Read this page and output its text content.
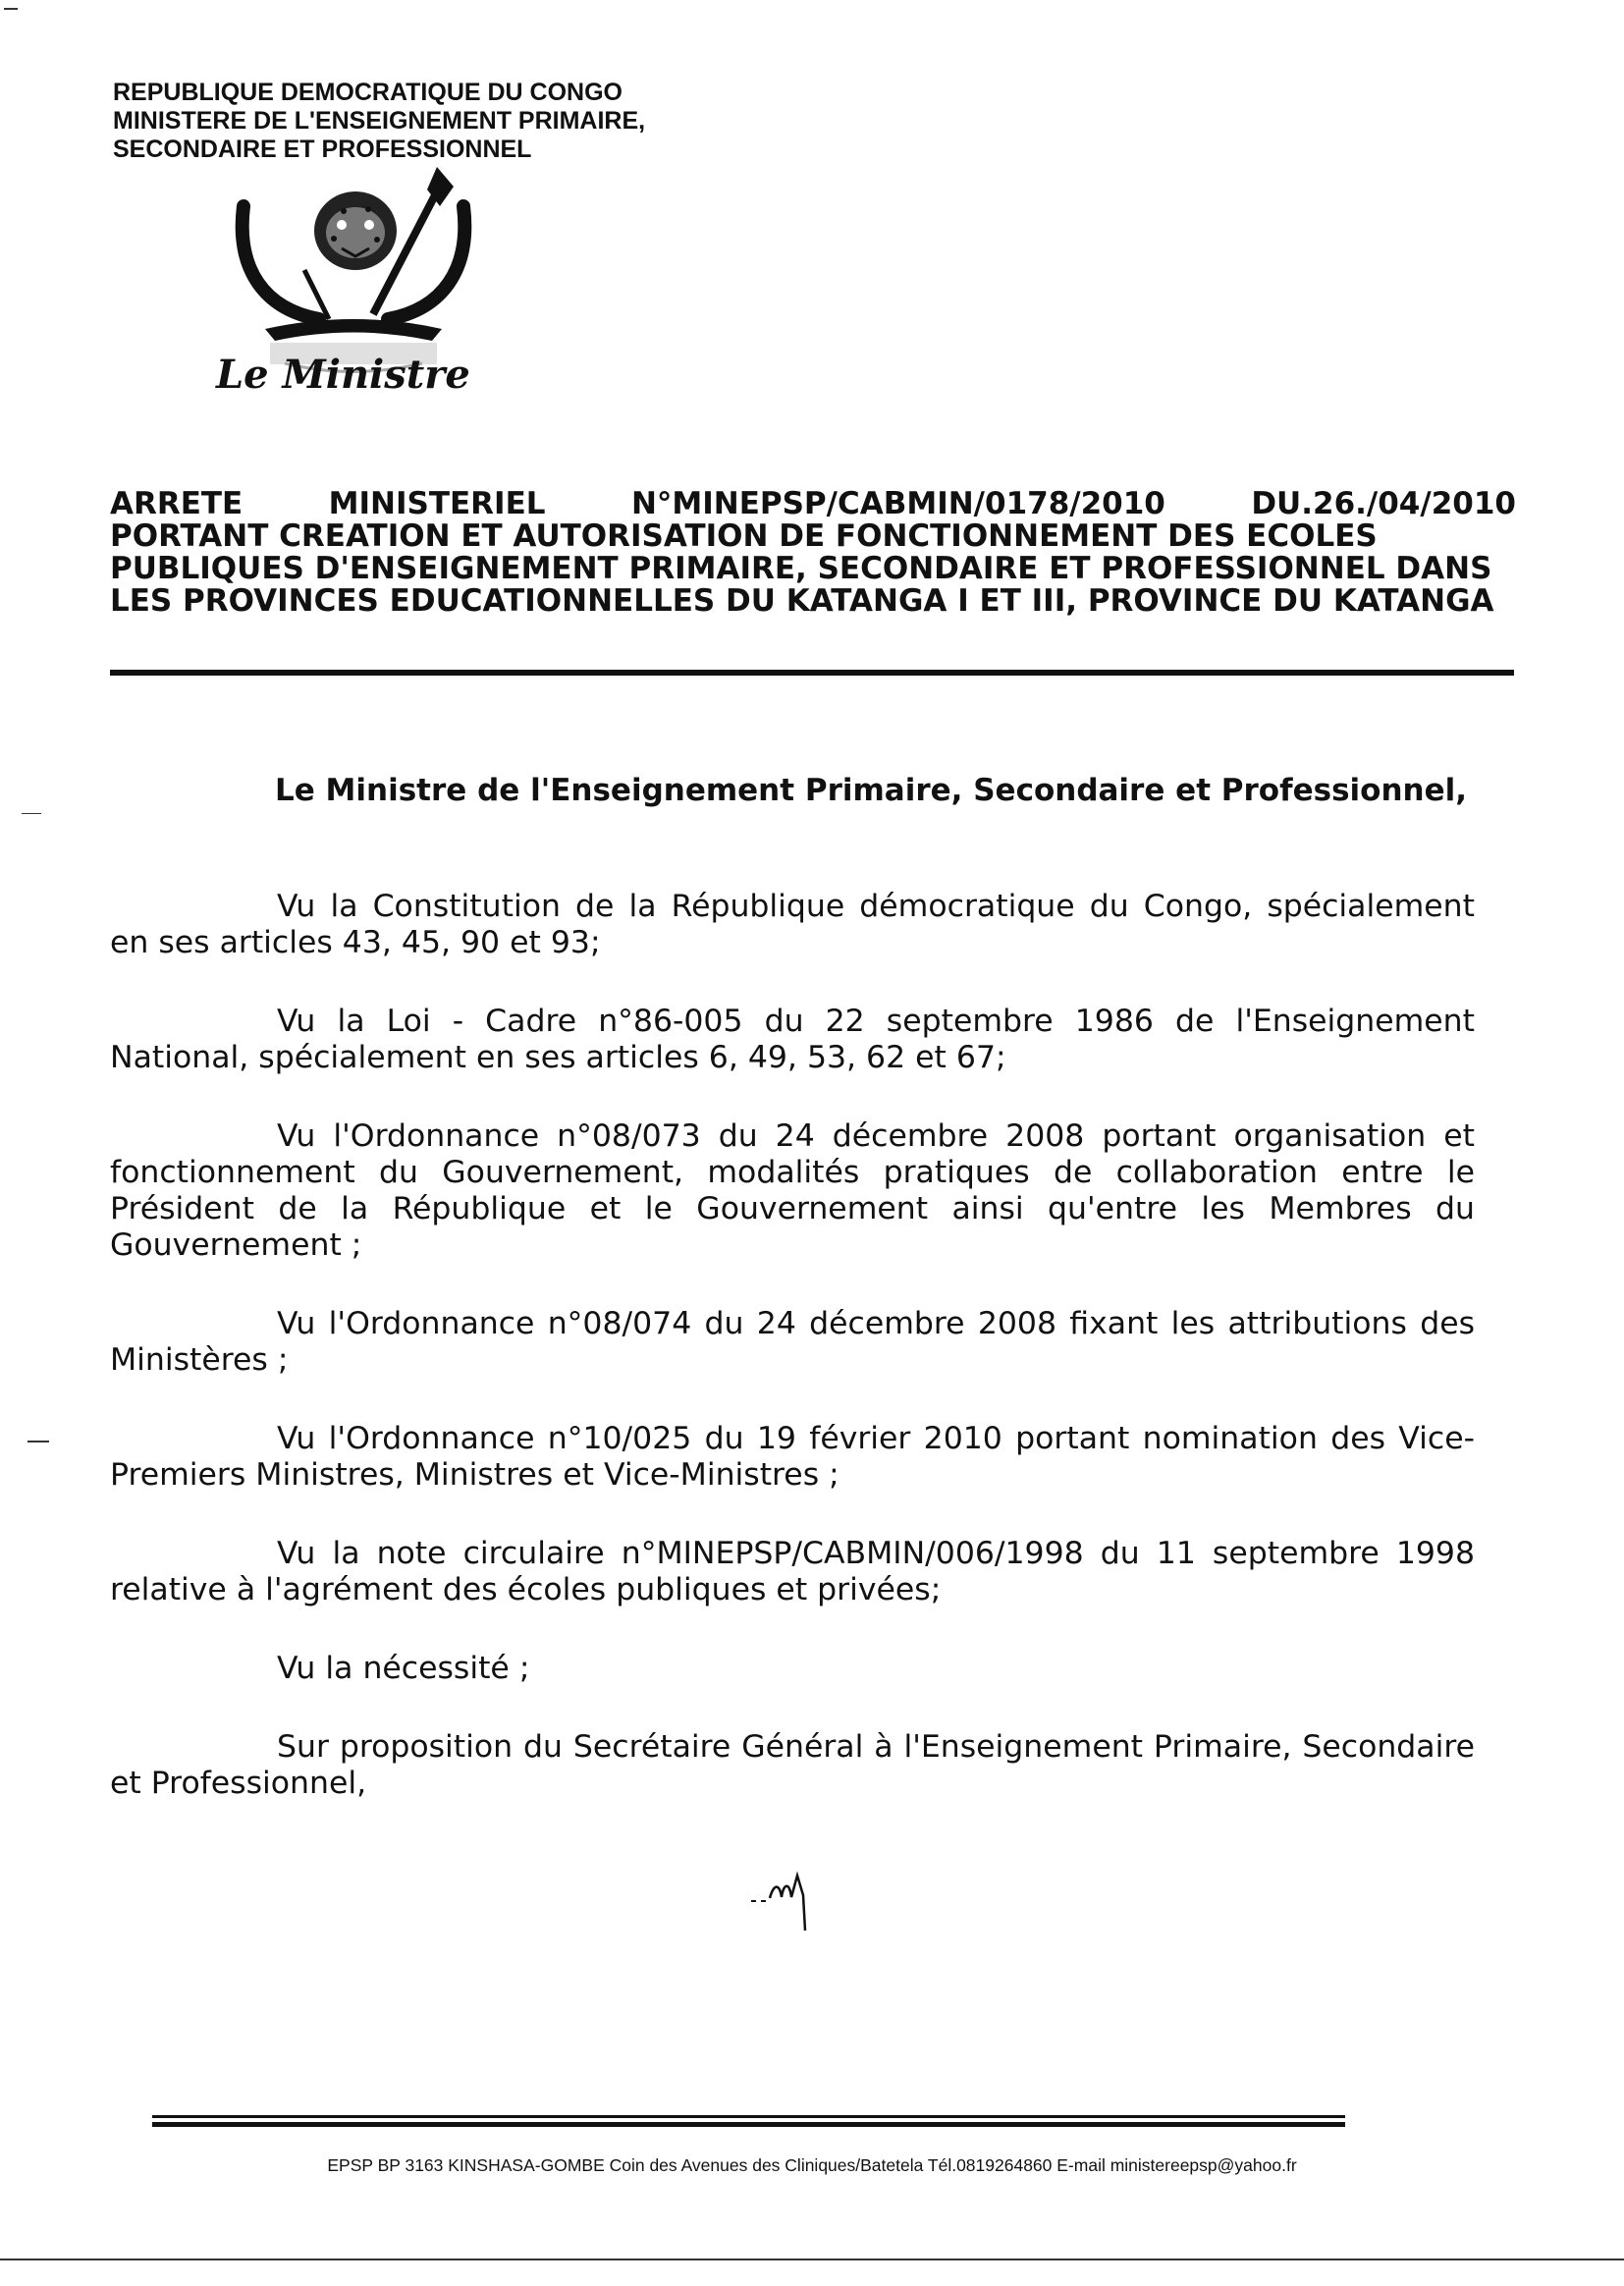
REPUBLIQUE DEMOCRATIQUE DU CONGO
MINISTERE DE L'ENSEIGNEMENT PRIMAIRE,
SECONDAIRE ET PROFESSIONNEL
Le Ministre
ARRETE	MINISTERIEL	N°MINEPSP/CABMIN/0178/2010	DU.26./04/2010
PORTANT CREATION ET AUTORISATION DE FONCTIONNEMENT DES ECOLES
PUBLIQUES D'ENSEIGNEMENT PRIMAIRE, SECONDAIRE ET PROFESSIONNEL DANS
LES PROVINCES EDUCATIONNELLES DU KATANGA I ET III, PROVINCE DU KATANGA
Le Ministre de l'Enseignement Primaire, Secondaire et Professionnel,

Vu la Constitution de la République démocratique du Congo, spécialement en ses articles 43, 45, 90 et 93;

Vu la Loi - Cadre n°86-005 du 22 septembre 1986 de l'Enseignement National, spécialement en ses articles 6, 49, 53, 62 et 67;

Vu l'Ordonnance n°08/073 du 24 décembre 2008 portant organisation et fonctionnement du Gouvernement, modalités pratiques de collaboration entre le Président de la République et le Gouvernement ainsi qu'entre les Membres du Gouvernement ;

Vu l'Ordonnance n°08/074 du 24 décembre 2008 fixant les attributions des Ministères ;

Vu l'Ordonnance n°10/025 du 19 février 2010 portant nomination des Vice-Premiers Ministres, Ministres et Vice-Ministres ;

Vu la note circulaire n°MINEPSP/CABMIN/006/1998 du 11 septembre 1998 relative à l'agrément des écoles publiques et privées;

Vu la nécessité ;

Sur proposition du Secrétaire Général à l'Enseignement Primaire, Secondaire et Professionnel,

EPSP BP 3163 KINSHASA-GOMBE Coin des Avenues des Cliniques/Batetela Tél.0819264860 E-mail ministereepsp@yahoo.fr
